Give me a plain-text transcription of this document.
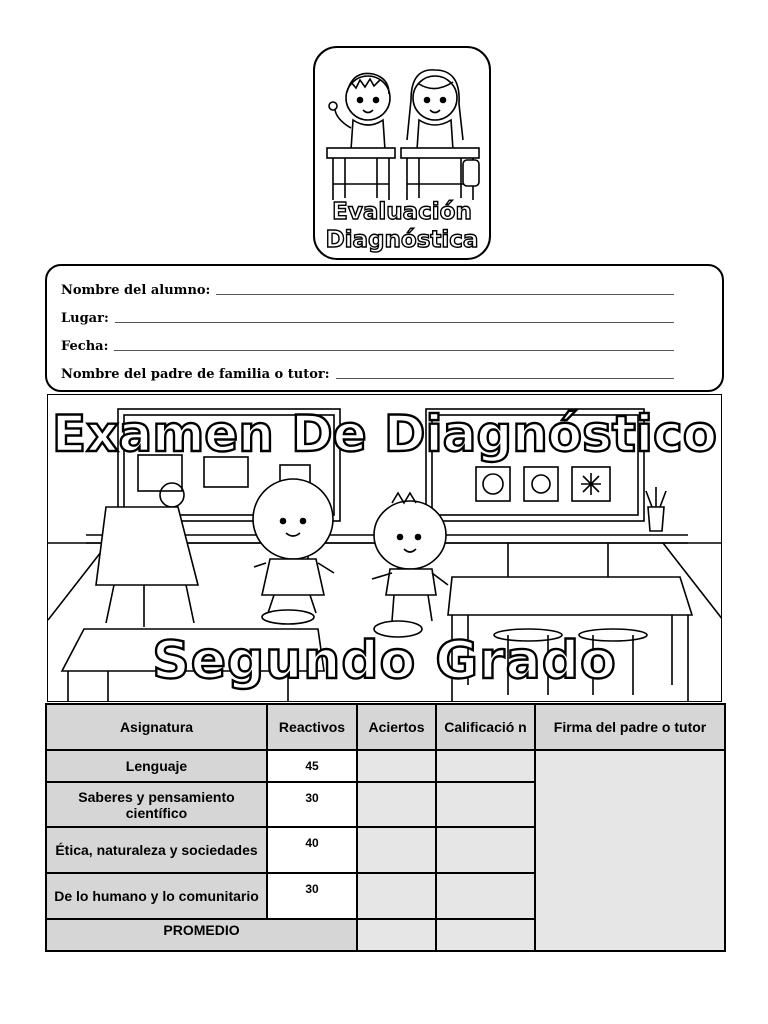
Evaluación
Diagnóstica
Nombre del alumno:
Lugar:
Fecha:
Nombre del padre de familia o tutor:
Examen De Diagnóstico
Segundo Grado
Asignatura	Reactivos	Aciertos	Calificació n	Firma del padre o tutor
Lenguaje	45			
Saberes y pensamiento científico	30			
Ética, naturaleza y sociedades	40			
De lo humano y lo comunitario	30			
PROMEDIO				
